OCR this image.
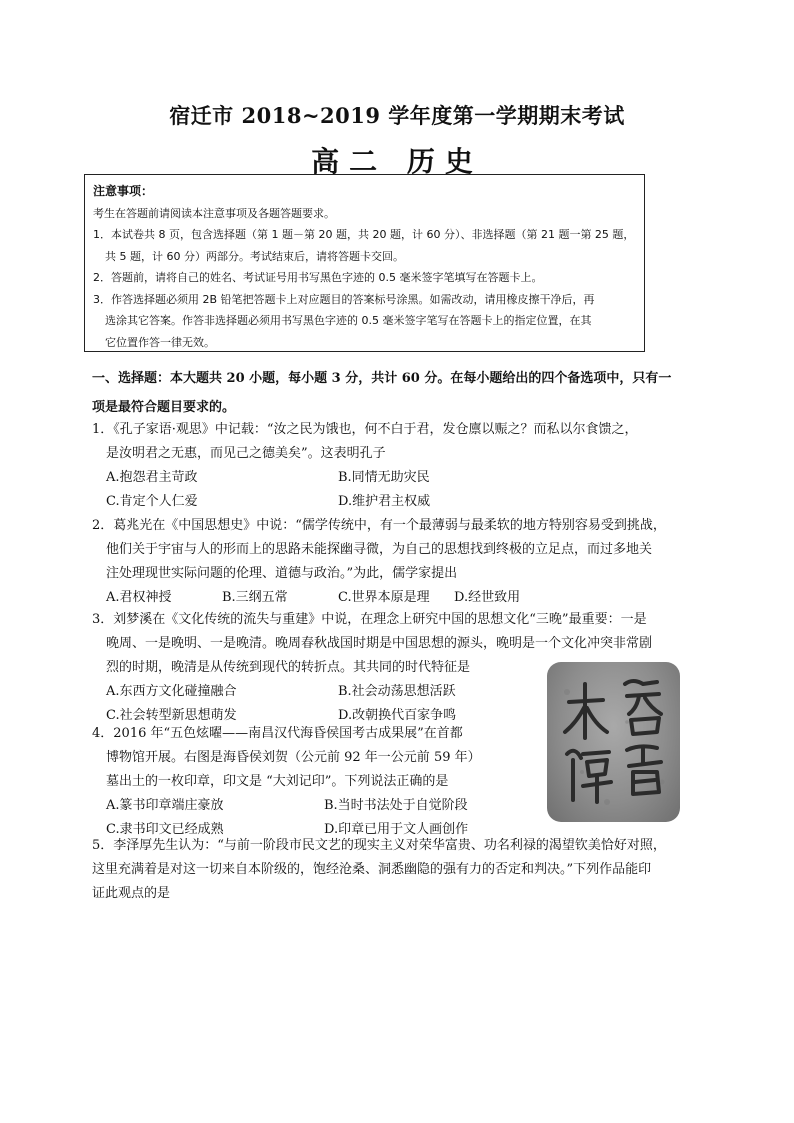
宿迁市 2018~2019 学年度第一学期期末考试
高二 历史
注意事项：
考生在答题前请阅读本注意事项及各题答题要求。
1．本试卷共 8 页，包含选择题（第 1 题－第 20 题，共 20 题，计 60 分）、非选择题（第 21 题一第 25 题，
共 5 题，计 60 分）两部分。考试结束后，请将答题卡交回。
2．答题前，请将自己的姓名、考试证号用书写黑色字迹的 0.5 毫米签字笔填写在答题卡上。
3．作答选择题必须用 2B 铅笔把答题卡上对应题目的答案标号涂黑。如需改动，请用橡皮擦干净后，再
选涂其它答案。作答非选择题必须用书写黑色字迹的 0.5 毫米签字笔写在答题卡上的指定位置，在其
它位置作答一律无效。
一、选择题：本大题共 20 小题，每小题 3 分，共计 60 分。在每小题给出的四个备选项中，只有一
项是最符合题目要求的。
1．《孔子家语·观思》中记载：“汝之民为饿也，何不白于君，发仓廪以赈之？而私以尔食馈之，
是汝明君之无惠，而见己之德美矣”。这表明孔子
A.抱怨君主苛政	B.同情无助灾民
C.肯定个人仁爱	D.维护君主权威
2．葛兆光在《中国思想史》中说：“儒学传统中，有一个最薄弱与最柔软的地方特别容易受到挑战，
他们关于宇宙与人的形而上的思路未能探幽寻微，为自己的思想找到终极的立足点，而过多地关
注处理现世实际问题的伦理、道德与政治。”为此，儒学家提出
A.君权神授	B.三纲五常	C.世界本原是理	D.经世致用
3．刘梦溪在《文化传统的流失与重建》中说，在理念上研究中国的思想文化“三晚”最重要：一是
晚周、一是晚明、一是晚清。晚周春秋战国时期是中国思想的源头，晚明是一个文化冲突非常剧
烈的时期，晚清是从传统到现代的转折点。其共同的时代特征是
A.东西方文化碰撞融合	B.社会动荡思想活跃
C.社会转型新思想萌发	D.改朝换代百家争鸣
4．2016 年“五色炫曜——南昌汉代海昏侯国考古成果展”在首都
博物馆开展。右图是海昏侯刘贺（公元前 92 年一公元前 59 年）
墓出土的一枚印章，印文是 “大刘记印”。下列说法正确的是
A.篆书印章端庄豪放	B.当时书法处于自觉阶段
C.隶书印文已经成熟	D.印章已用于文人画创作
5．李泽厚先生认为：“与前一阶段市民文艺的现实主义对荣华富贵、功名利禄的渴望钦美恰好对照，
这里充满着是对这一切来自本阶级的，饱经沧桑、洞悉幽隐的强有力的否定和判决。”下列作品能印
证此观点的是
